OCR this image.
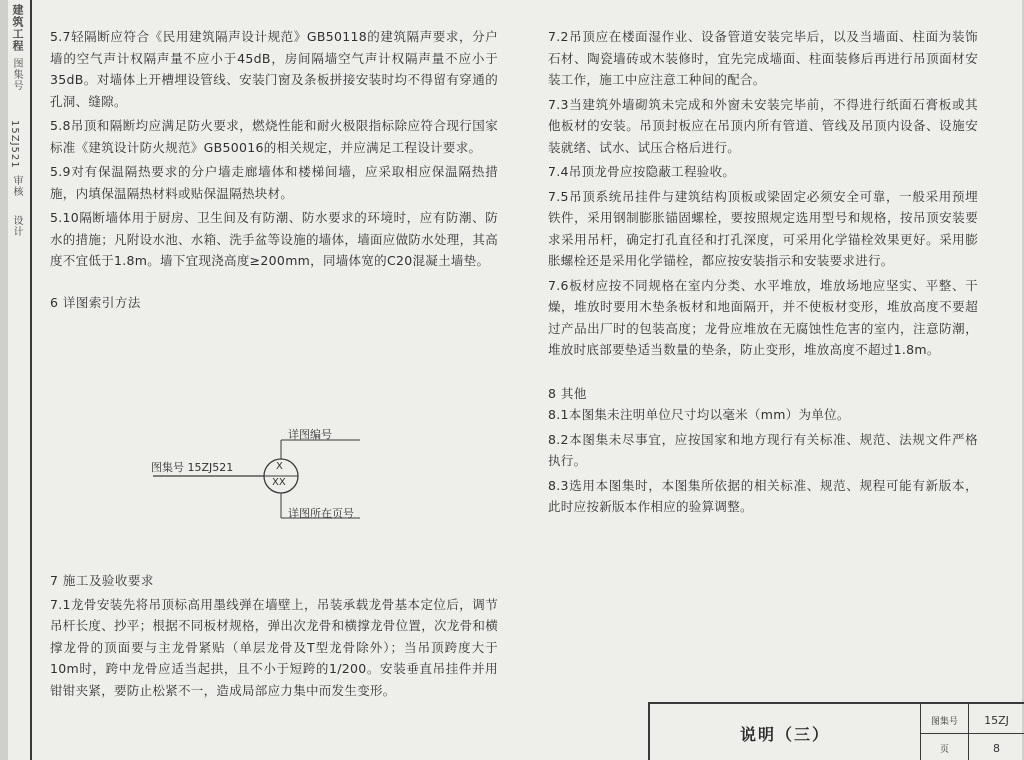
建筑工程
图集号
15ZJ521
审核
设计

5.7轻隔断应符合《民用建筑隔声设计规范》GB50118的建筑隔声要求，分户墙的空气声计权隔声量不应小于45dB，房间隔墙空气声计权隔声量不应小于35dB。对墙体上开槽埋设管线、安装门窗及条板拼接安装时均不得留有穿通的孔洞、缝隙。

5.8吊顶和隔断均应满足防火要求，燃烧性能和耐火极限指标除应符合现行国家标准《建筑设计防火规范》GB50016的相关规定，并应满足工程设计要求。

5.9对有保温隔热要求的分户墙走廊墙体和楼梯间墙，应采取相应保温隔热措施，内填保温隔热材料或贴保温隔热块材。

5.10隔断墙体用于厨房、卫生间及有防潮、防水要求的环境时，应有防潮、防水的措施；凡附设水池、水箱、洗手盆等设施的墙体，墙面应做防水处理，其高度不宜低于1.8m。墙下宜现浇高度≥200mm，同墙体宽的C20混凝土墙垫。

6 详图索引方法

详图编号
图集号 15ZJ521	X
XX
详图所在页号

7 施工及验收要求

7.1龙骨安装先将吊顶标高用墨线弹在墙壁上，吊装承载龙骨基本定位后，调节吊杆长度、抄平；根据不同板材规格，弹出次龙骨和横撑龙骨位置，次龙骨和横撑龙骨的顶面要与主龙骨紧贴（单层龙骨及T型龙骨除外）；当吊顶跨度大于10m时，跨中龙骨应适当起拱，且不小于短跨的1/200。安装垂直吊挂件并用钳钳夹紧，要防止松紧不一，造成局部应力集中而发生变形。

7.2吊顶应在楼面湿作业、设备管道安装完毕后，以及当墙面、柱面为装饰石材、陶瓷墙砖或木装修时，宜先完成墙面、柱面装修后再进行吊顶面材安装工作，施工中应注意工种间的配合。

7.3当建筑外墙砌筑未完成和外窗未安装完毕前，不得进行纸面石膏板或其他板材的安装。吊顶封板应在吊顶内所有管道、管线及吊顶内设备、设施安装就绪、试水、试压合格后进行。

7.4吊顶龙骨应按隐蔽工程验收。

7.5吊顶系统吊挂件与建筑结构顶板或梁固定必须安全可靠，一般采用预埋铁件，采用钢制膨胀锚固螺栓，要按照规定选用型号和规格，按吊顶安装要求采用吊杆，确定打孔直径和打孔深度，可采用化学锚栓效果更好。采用膨胀螺栓还是采用化学锚栓，都应按安装指示和安装要求进行。

7.6板材应按不同规格在室内分类、水平堆放，堆放场地应坚实、平整、干燥，堆放时要用木垫条板材和地面隔开，并不使板材变形，堆放高度不要超过产品出厂时的包装高度；龙骨应堆放在无腐蚀性危害的室内，注意防潮，堆放时底部要垫适当数量的垫条，防止变形，堆放高度不超过1.8m。

8 其他

8.1本图集未注明单位尺寸均以毫米（mm）为单位。

8.2本图集未尽事宜，应按国家和地方现行有关标准、规范、法规文件严格执行。

8.3选用本图集时，本图集所依据的相关标准、规范、规程可能有新版本，此时应按新版本作相应的验算调整。

说明（三）
图集号	15ZJ
页	8
